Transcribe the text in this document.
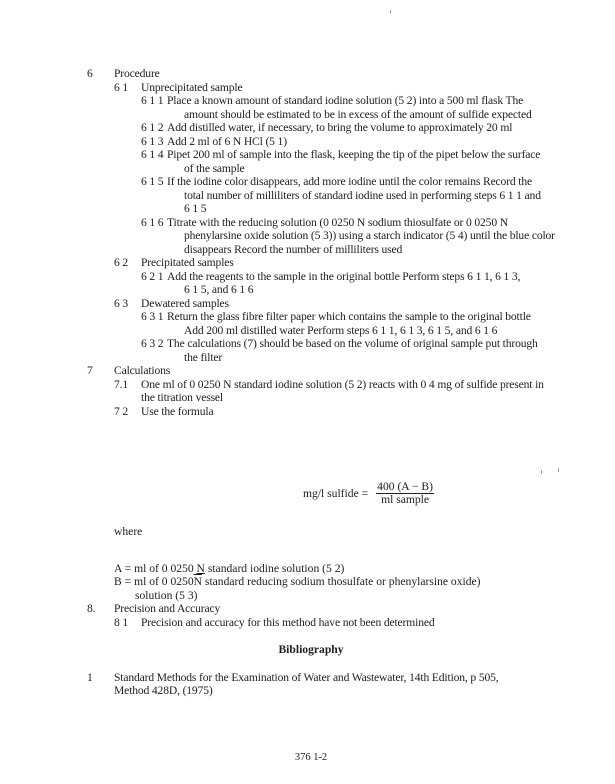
6	Procedure
6 1	Unprecipitated sample
6 1 1 Place a known amount of standard iodine solution (5 2) into a 500 ml flask The
amount should be estimated to be in excess of the amount of sulfide expected
6 1 2 Add distilled water, if necessary, to bring the volume to approximately 20 ml
6 1 3 Add 2 ml of 6 N HCl (5 1)
6 1 4 Pipet 200 ml of sample into the flask, keeping the tip of the pipet below the surface
of the sample
6 1 5 If the iodine color disappears, add more iodine until the color remains Record the
total number of milliliters of standard iodine used in performing steps 6 1 1 and
6 1 5
6 1 6 Titrate with the reducing solution (0 0250 N sodium thiosulfate or 0 0250 N
phenylarsine oxide solution (5 3)) using a starch indicator (5 4) until the blue color
disappears Record the number of milliliters used
6 2	Precipitated samples
6 2 1 Add the reagents to the sample in the original bottle Perform steps 6 1 1, 6 1 3,
6 1 5, and 6 1 6
6 3	Dewatered samples
6 3 1 Return the glass fibre filter paper which contains the sample to the original bottle
Add 200 ml distilled water Perform steps 6 1 1, 6 1 3, 6 1 5, and 6 1 6
6 3 2 The calculations (7) should be based on the volume of original sample put through
the filter
7	Calculations
7.1	One ml of 0 0250 N standard iodine solution (5 2) reacts with 0 4 mg of sulfide present in
the titration vessel
7 2	Use the formula
mg/l sulfide = $\frac{400 (A - B)}{\text{ml sample}}$
where
A = ml of 0 0250 N standard iodine solution (5 2)
B = ml of 0 $0250\overline{N}$ standard reducing sodium thosulfate or phenylarsine oxide)
solution (5 3)
8.	Precision and Accuracy
8 1	Precision and accuracy for this method have not been determined
Bibliography
1	Standard Methods for the Examination of Water and Wastewater, 14th Edition, p 505,
Method 428D, (1975)
376 1-2
